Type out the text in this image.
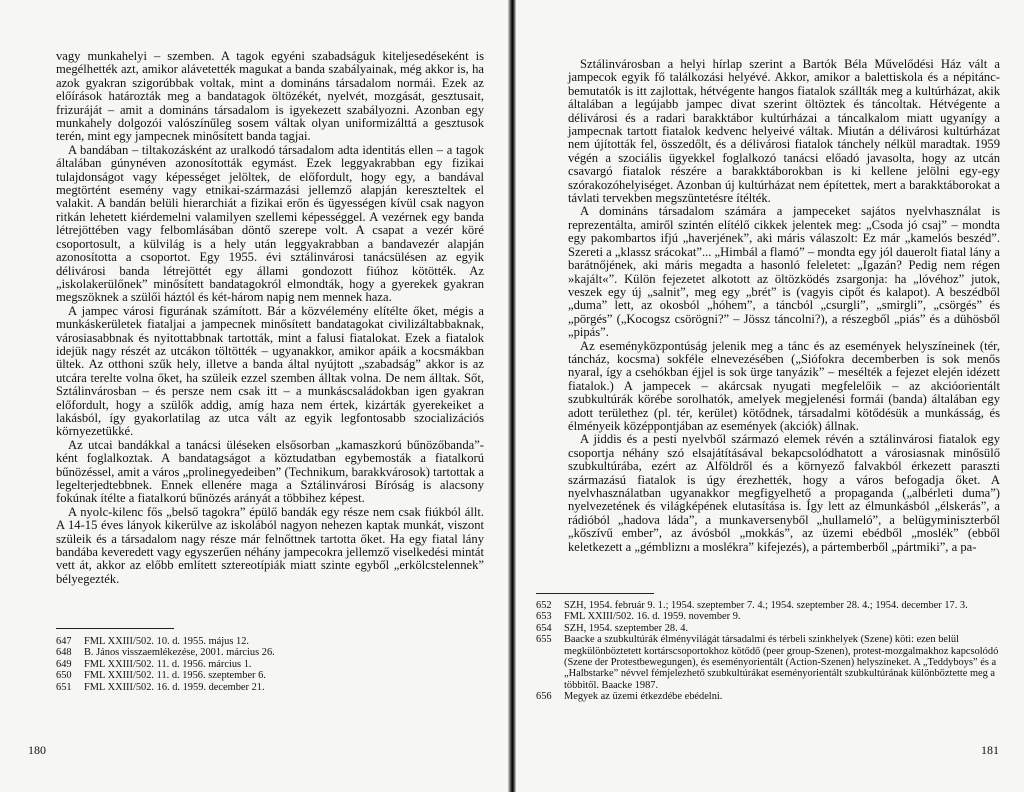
vagy munkahelyi – szemben. A tagok egyéni szabadságuk kiteljesedéseként is megélhették azt, amikor alávetették magukat a banda szabályainak, még akkor is, ha azok gyakran szigorúbbak voltak, mint a domináns társadalom normái. Ezek az előírások határozták meg a bandatagok öltözékét, nyelvét, mozgását, gesztusait, frizuráját – amit a domináns társadalom is igyekezett szabályozni. Azonban egy munkahely dolgozói valószínűleg sosem váltak olyan uniformizálttá a gesztusok terén, mint egy jampecnek minősített banda tagjai.

A bandában – tiltakozásként az uralkodó társadalom adta identitás ellen – a tagok általában gúnynéven azonosították egymást. Ezek leggyakrabban egy fizikai tulajdonságot vagy képességet jelöltek, de előfordult, hogy egy, a bandával megtörtént esemény vagy etnikai-származási jellemző alapján kereszteltek el valakit. A bandán belüli hierarchiát a fizikai erőn és ügyességen kívül csak nagyon ritkán lehetett kiérdemelni valamilyen szellemi képességgel. A vezérnek egy banda létrejöttében vagy felbomlásában döntő szerepe volt. A csapat a vezér köré csoportosult, a külvilág is a hely után leggyakrabban a bandavezér alapján azonosította a csoportot. Egy 1955. évi sztálinvárosi tanácsülésen az egyik délivárosi banda létrejöttét egy állami gondozott fiúhoz kötötték. Az „iskolakerülőnek” minősített bandatagokról elmondták, hogy a gyerekek gyakran megszöknek a szülői háztól és két-három napig nem mennek haza.

A jampec városi figurának számított. Bár a közvélemény elítélte őket, mégis a munkáskerületek fiataljai a jampecnek minősített bandatagokat civilizáltabbaknak, városiasabbnak és nyitottabbnak tartották, mint a falusi fiatalokat. Ezek a fiatalok idejük nagy részét az utcákon töltötték – ugyanakkor, amikor apáik a kocsmákban ültek. Az otthoni szűk hely, illetve a banda által nyújtott „szabadság” akkor is az utcára terelte volna őket, ha szüleik ezzel szemben álltak volna. De nem álltak. Sőt, Sztálinvárosban – és persze nem csak itt – a munkáscsaládokban igen gyakran előfordult, hogy a szülők addig, amíg haza nem értek, kizárták gyerekeiket a lakásból, így gyakorlatilag az utca vált az egyik legfontosabb szocializációs környezetükké.

Az utcai bandákkal a tanácsi üléseken elsősorban „kamaszkorú bűnözőbanda”-ként foglalkoztak. A bandatagságot a köztudatban egybemosták a fiatalkorú bűnözéssel, amit a város „prolinegyedeiben” (Technikum, barakkvárosok) tartottak a legelterjedtebbnek. Ennek ellenére maga a Sztálinvárosi Bíróság is alacsony fokúnak ítélte a fiatalkorú bűnözés arányát a többihez képest.

A nyolc-kilenc fős „belső tagokra” épülő bandák egy része nem csak fiúkból állt. A 14-15 éves lányok kikerülve az iskolából nagyon nehezen kaptak munkát, viszont szüleik és a társadalom nagy része már felnőttnek tartotta őket. Ha egy fiatal lány bandába keveredett vagy egyszerűen néhány jampecokra jellemző viselkedési mintát vett át, akkor az előbb említett sztereotípiák miatt szinte egyből „erkölcstelennek” bélyegezték.

647	FML XXIII/502. 10. d. 1955. május 12.
648	B. János visszaemlékezése, 2001. március 26.
649	FML XXIII/502. 11. d. 1956. március 1.
650	FML XXIII/502. 11. d. 1956. szeptember 6.
651	FML XXIII/502. 16. d. 1959. december 21.
180

Sztálinvárosban a helyi hírlap szerint a Bartók Béla Művelődési Ház vált a jampecok egyik fő találkozási helyévé. Akkor, amikor a balettiskola és a népitánc-bemutatók is itt zajlottak, hétvégente hangos fiatalok szállták meg a kultúrházat, akik általában a legújabb jampec divat szerint öltöztek és táncoltak. Hétvégente a délivárosi és a radari barakktábor kultúrházai a táncalkalom miatt ugyanígy a jampecnak tartott fiatalok kedvenc helyeivé váltak. Miután a délivárosi kultúrházat nem újították fel, összedőlt, és a délivárosi fiatalok tánchely nélkül maradtak. 1959 végén a szociális ügyekkel foglalkozó tanácsi előadó javasolta, hogy az utcán csavargó fiatalok részére a barakktáborokban is ki kellene jelölni egy-egy szórakozóhelyiséget. Azonban új kultúrházat nem építettek, mert a barakktáborokat a távlati tervekben megszüntetésre ítélték.

A domináns társadalom számára a jampeceket sajátos nyelvhasználat is reprezentálta, amiről szintén elítélő cikkek jelentek meg: „Csoda jó csaj” – mondta egy pakombartos ifjú „haverjének”, aki máris válaszolt: Ez már „kamelós beszéd”. Szereti a „klassz srácokat”... „Himbál a flamó” – mondta egy jól dauerolt fiatal lány a barátnőjének, aki máris megadta a hasonló feleletet: „Igazán? Pedig nem régen »kajált«”. Külön fejezetet alkotott az öltözködés zsargonja: ha „lóvéhoz” jutok, veszek egy új „salnit”, meg egy „brét” is (vagyis cipőt és kalapot). A beszédből „duma” lett, az okosból „hóhem”, a táncból „csurgli”, „smirgli”, „csörgés” és „pörgés” („Kocogsz csörögni?” – Jössz táncolni?), a részegből „piás” és a dühösből „pipás”.

Az eseményközpontúság jelenik meg a tánc és az események helyszíneinek (tér, táncház, kocsma) sokféle elnevezésében („Siófokra decemberben is sok menős nyaral, így a csehókban éjjel is sok ürge tanyázik” – mesélték a fejezet elején idézett fiatalok.) A jampecek – akárcsak nyugati megfelelőik – az akcióorientált szubkultúrák körébe sorolhatók, amelyek megjelenési formái (banda) általában egy adott területhez (pl. tér, kerület) kötődnek, társadalmi kötődésük a munkásság, és élményeik középpontjában az események (akciók) állnak.

A jiddis és a pesti nyelvből származó elemek révén a sztálinvárosi fiatalok egy csoportja néhány szó elsajátításával bekapcsolódhatott a városiasnak minősülő szubkultúrába, ezért az Alföldről és a környező falvakból érkezett paraszti származású fiatalok is úgy érezhették, hogy a város befogadja őket. A nyelvhasználatban ugyanakkor megfigyelhető a propaganda („albérleti duma”) nyelvezetének és világképének elutasítása is. Így lett az élmunkásból „élskerás”, a rádióból „hadova láda”, a munkaversenyből „hullameló”, a belügyminiszterből „kőszívű ember”, az ávósból „mokkás”, az üzemi ebédből „moslék” (ebből keletkezett a „gémbliznı a moslékra” kifejezés), a pártemberből „pártmiki”, a pa-

652	SZH, 1954. február 9. 1.; 1954. szeptember 7. 4.; 1954. szeptember 28. 4.; 1954. december 17. 3.
653	FML XXIII/502. 16. d. 1959. november 9.
654	SZH, 1954. szeptember 28. 4.
655	Baacke a szubkultúrák élményvilágát társadalmi és térbeli szinkhelyek (Szene) köti: ezen belül megkülönböztetett kortárscsoportokhoz kötődő (peer group-Szenen), protest-mozgalmakhoz kapcsolódó (Szene der Protestbewegungen), és eseményorientált (Action-Szenen) helyszíneket. A „Teddyboys” és a „Halbstarke” névvel fémjelezhető szubkultúrákat eseményorientált szubkultúrának különböztette meg a többitől. Baacke 1987.
656	Megyek az üzemi étkezdébe ebédelni.
181
